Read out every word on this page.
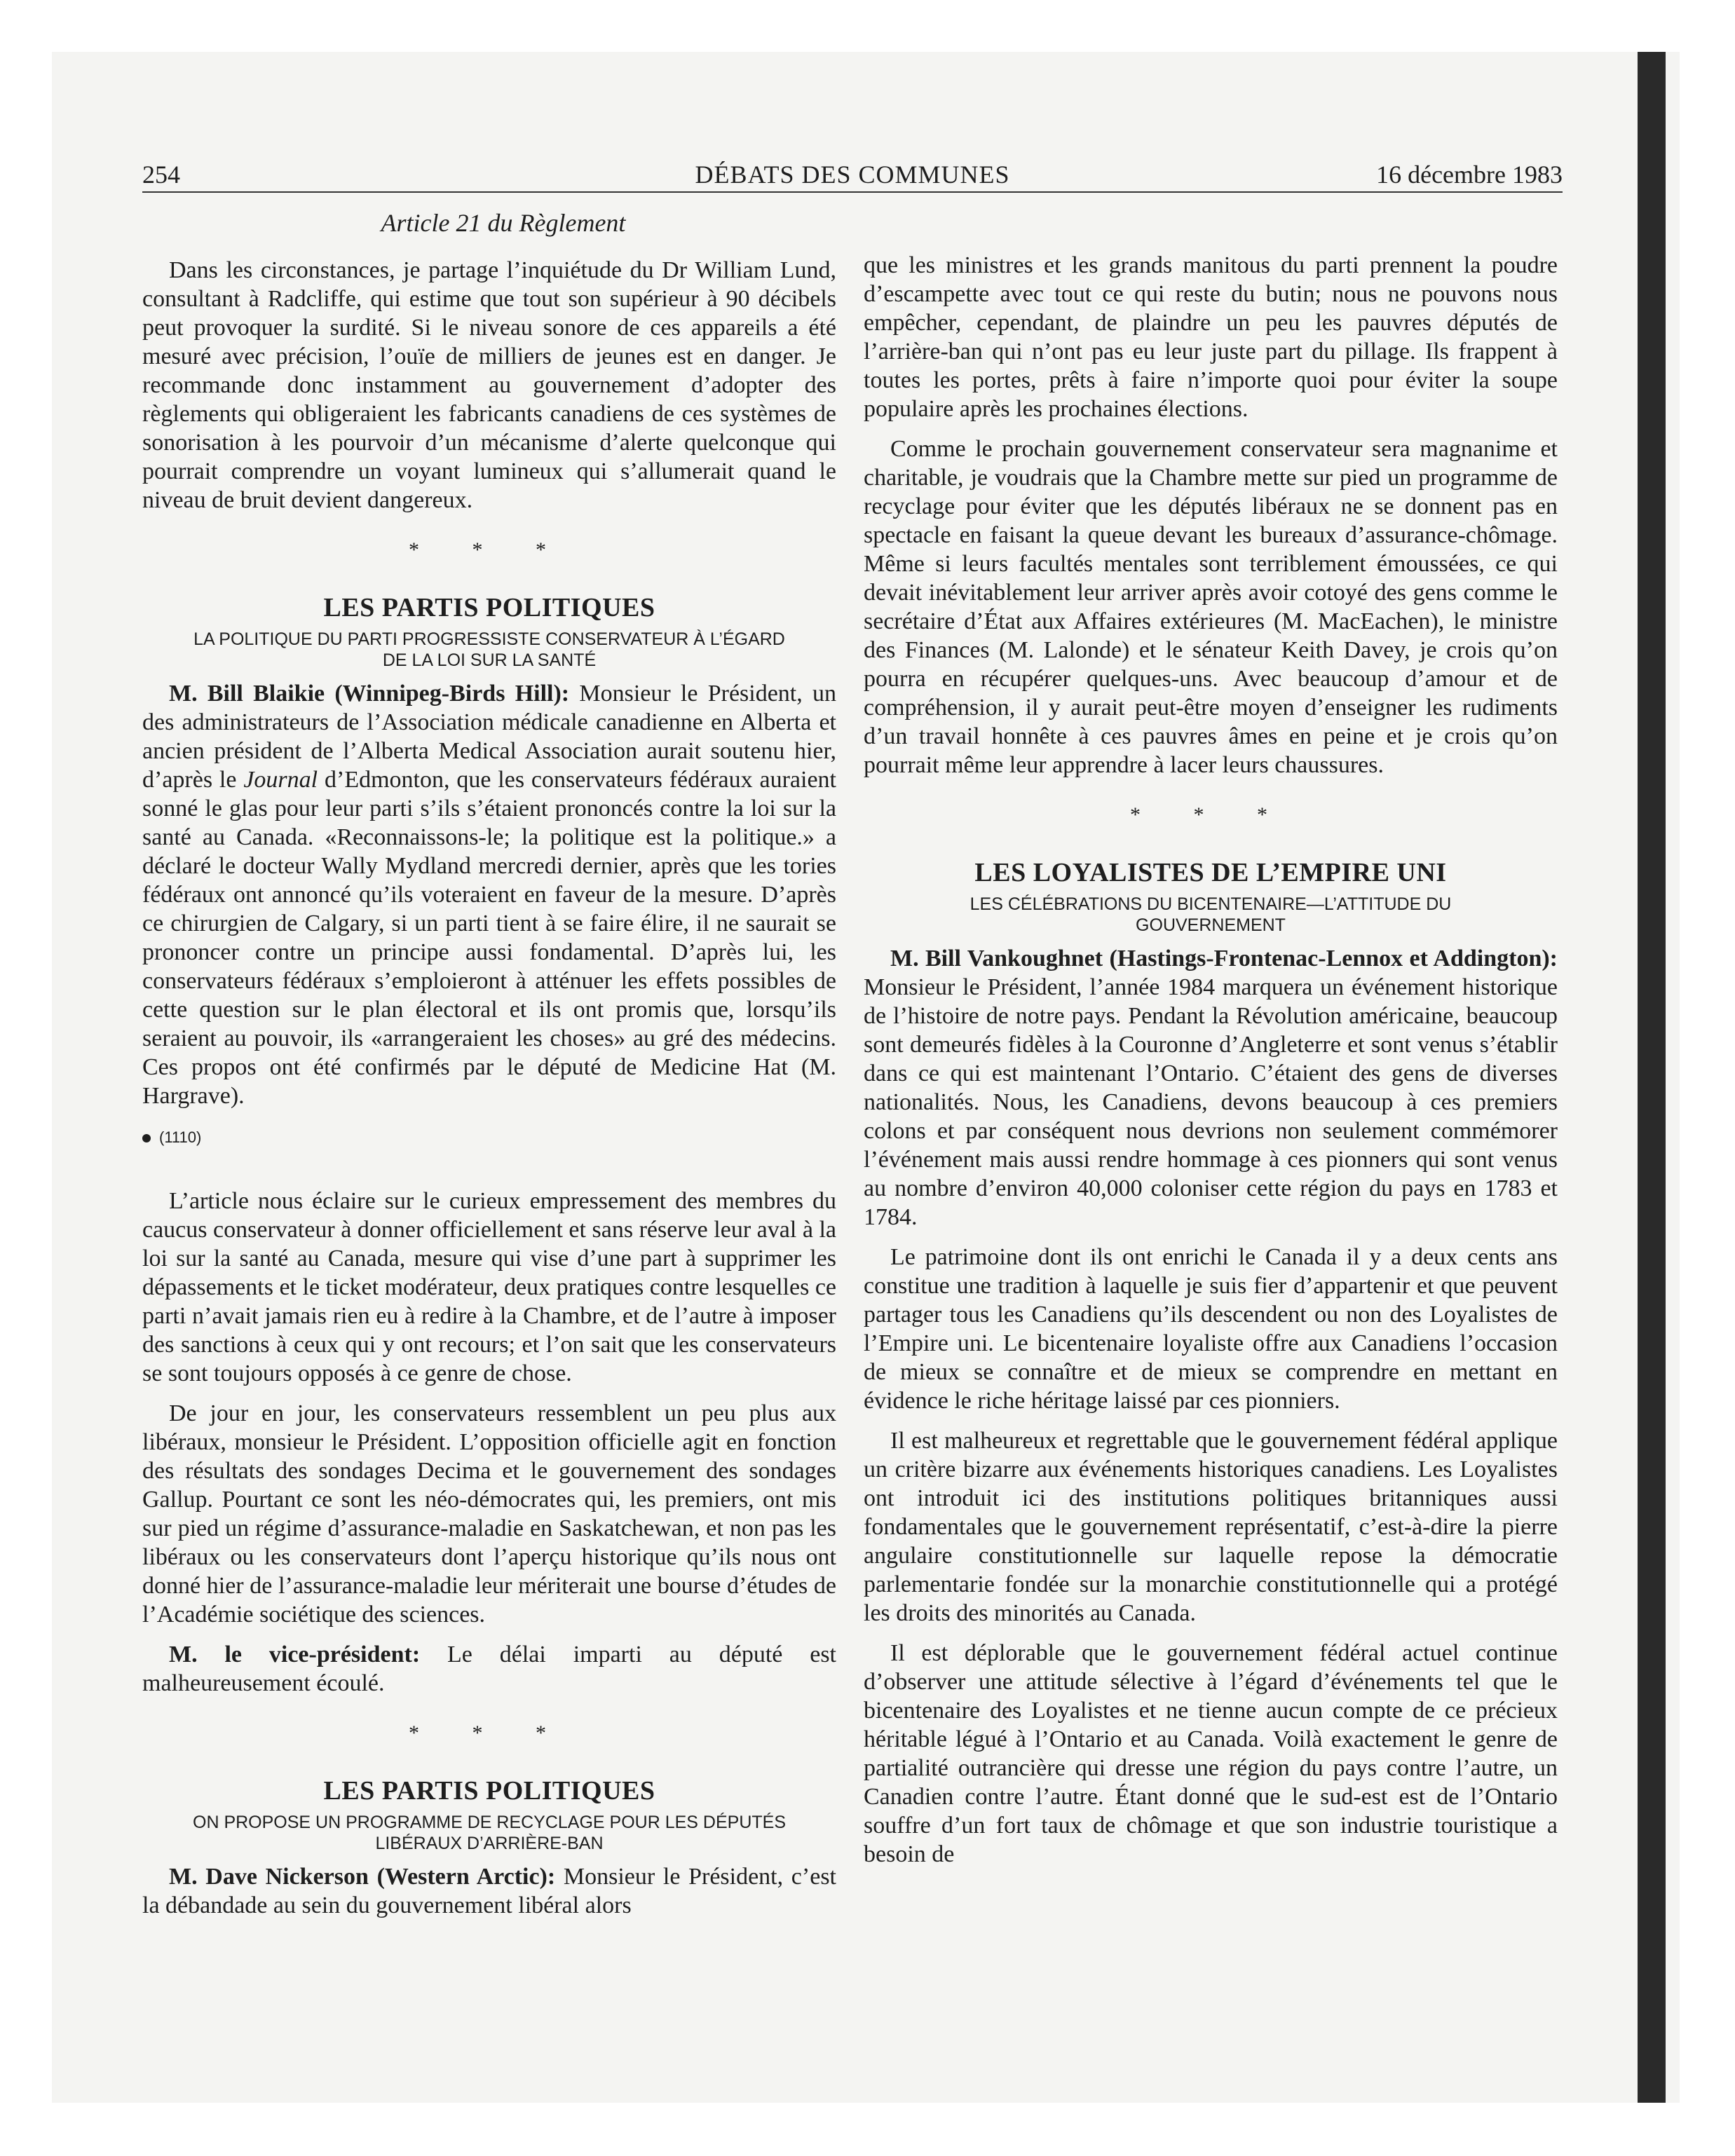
254	DÉBATS DES COMMUNES	16 décembre 1983
Article 21 du Règlement

Dans les circonstances, je partage l’inquiétude du Dr William Lund, consultant à Radcliffe, qui estime que tout son supérieur à 90 décibels peut provoquer la surdité. Si le niveau sonore de ces appareils a été mesuré avec précision, l’ouïe de milliers de jeunes est en danger. Je recommande donc instamment au gouvernement d’adopter des règlements qui obligeraient les fabricants canadiens de ces systèmes de sonorisation à les pourvoir d’un mécanisme d’alerte quelconque qui pourrait comprendre un voyant lumineux qui s’allumerait quand le niveau de bruit devient dangereux.

* * *
LES PARTIS POLITIQUES
LA POLITIQUE DU PARTI PROGRESSISTE CONSERVATEUR À L’ÉGARD DE LA LOI SUR LA SANTÉ

M. Bill Blaikie (Winnipeg-Birds Hill): Monsieur le Président, un des administrateurs de l’Association médicale canadienne en Alberta et ancien président de l’Alberta Medical Association aurait soutenu hier, d’après le Journal d’Edmonton, que les conservateurs fédéraux auraient sonné le glas pour leur parti s’ils s’étaient prononcés contre la loi sur la santé au Canada. «Reconnaissons-le; la politique est la politique.» a déclaré le docteur Wally Mydland mercredi dernier, après que les tories fédéraux ont annoncé qu’ils voteraient en faveur de la mesure. D’après ce chirurgien de Calgary, si un parti tient à se faire élire, il ne saurait se prononcer contre un principe aussi fondamental. D’après lui, les conservateurs fédéraux s’emploieront à atténuer les effets possibles de cette question sur le plan électoral et ils ont promis que, lorsqu’ils seraient au pouvoir, ils «arrangeraient les choses» au gré des médecins. Ces propos ont été confirmés par le député de Medicine Hat (M. Hargrave).

(1110)

L’article nous éclaire sur le curieux empressement des membres du caucus conservateur à donner officiellement et sans réserve leur aval à la loi sur la santé au Canada, mesure qui vise d’une part à supprimer les dépassements et le ticket modérateur, deux pratiques contre lesquelles ce parti n’avait jamais rien eu à redire à la Chambre, et de l’autre à imposer des sanctions à ceux qui y ont recours; et l’on sait que les conservateurs se sont toujours opposés à ce genre de chose.

De jour en jour, les conservateurs ressemblent un peu plus aux libéraux, monsieur le Président. L’opposition officielle agit en fonction des résultats des sondages Decima et le gouvernement des sondages Gallup. Pourtant ce sont les néo-démocrates qui, les premiers, ont mis sur pied un régime d’assurance-maladie en Saskatchewan, et non pas les libéraux ou les conservateurs dont l’aperçu historique qu’ils nous ont donné hier de l’assurance-maladie leur mériterait une bourse d’études de l’Académie sociétique des sciences.

M. le vice-président: Le délai imparti au député est malheureusement écoulé.

* * *
LES PARTIS POLITIQUES
ON PROPOSE UN PROGRAMME DE RECYCLAGE POUR LES DÉPUTÉS LIBÉRAUX D’ARRIÈRE-BAN

M. Dave Nickerson (Western Arctic): Monsieur le Président, c’est la débandade au sein du gouvernement libéral alors

que les ministres et les grands manitous du parti prennent la poudre d’escampette avec tout ce qui reste du butin; nous ne pouvons nous empêcher, cependant, de plaindre un peu les pauvres députés de l’arrière-ban qui n’ont pas eu leur juste part du pillage. Ils frappent à toutes les portes, prêts à faire n’importe quoi pour éviter la soupe populaire après les prochaines élections.

Comme le prochain gouvernement conservateur sera magnanime et charitable, je voudrais que la Chambre mette sur pied un programme de recyclage pour éviter que les députés libéraux ne se donnent pas en spectacle en faisant la queue devant les bureaux d’assurance-chômage. Même si leurs facultés mentales sont terriblement émoussées, ce qui devait inévitablement leur arriver après avoir cotoyé des gens comme le secrétaire d’État aux Affaires extérieures (M. MacEachen), le ministre des Finances (M. Lalonde) et le sénateur Keith Davey, je crois qu’on pourra en récupérer quelques-uns. Avec beaucoup d’amour et de compréhension, il y aurait peut-être moyen d’enseigner les rudiments d’un travail honnête à ces pauvres âmes en peine et je crois qu’on pourrait même leur apprendre à lacer leurs chaussures.

* * *
LES LOYALISTES DE L’EMPIRE UNI
LES CÉLÉBRATIONS DU BICENTENAIRE—L’ATTITUDE DU GOUVERNEMENT

M. Bill Vankoughnet (Hastings-Frontenac-Lennox et Addington): Monsieur le Président, l’année 1984 marquera un événement historique de l’histoire de notre pays. Pendant la Révolution américaine, beaucoup sont demeurés fidèles à la Couronne d’Angleterre et sont venus s’établir dans ce qui est maintenant l’Ontario. C’étaient des gens de diverses nationalités. Nous, les Canadiens, devons beaucoup à ces premiers colons et par conséquent nous devrions non seulement commémorer l’événement mais aussi rendre hommage à ces pionners qui sont venus au nombre d’environ 40,000 coloniser cette région du pays en 1783 et 1784.

Le patrimoine dont ils ont enrichi le Canada il y a deux cents ans constitue une tradition à laquelle je suis fier d’appartenir et que peuvent partager tous les Canadiens qu’ils descendent ou non des Loyalistes de l’Empire uni. Le bicentenaire loyaliste offre aux Canadiens l’occasion de mieux se connaître et de mieux se comprendre en mettant en évidence le riche héritage laissé par ces pionniers.

Il est malheureux et regrettable que le gouvernement fédéral applique un critère bizarre aux événements historiques canadiens. Les Loyalistes ont introduit ici des institutions politiques britanniques aussi fondamentales que le gouvernement représentatif, c’est-à-dire la pierre angulaire constitutionnelle sur laquelle repose la démocratie parlementarie fondée sur la monarchie constitutionnelle qui a protégé les droits des minorités au Canada.

Il est déplorable que le gouvernement fédéral actuel continue d’observer une attitude sélective à l’égard d’événements tel que le bicentenaire des Loyalistes et ne tienne aucun compte de ce précieux héritable légué à l’Ontario et au Canada. Voilà exactement le genre de partialité outrancière qui dresse une région du pays contre l’autre, un Canadien contre l’autre. Étant donné que le sud-est est de l’Ontario souffre d’un fort taux de chômage et que son industrie touristique a besoin de
